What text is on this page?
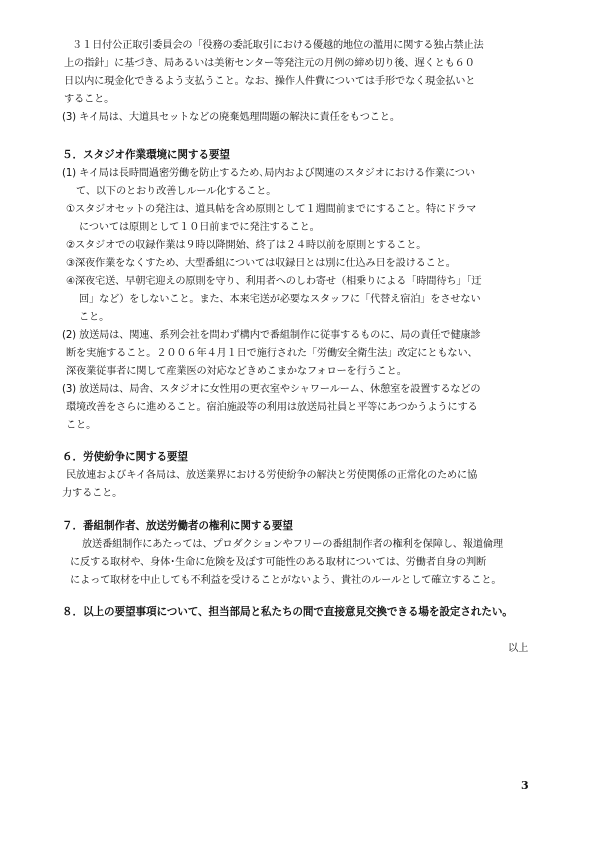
３１日付公正取引委員会の「役務の委託取引における優越的地位の濫用に関する独占禁止法
上の指針」に基づき、局あるいは美術センター等発注元の月例の締め切り後、遅くとも６０
日以内に現金化できるよう支払うこと。なお、操作人件費については手形でなく現金払いと
すること。
(3) キイ局は、大道具セットなどの廃棄処理問題の解決に責任をもつこと。
５．スタジオ作業環境に関する要望
(1) キイ局は長時間過密労働を防止するため､局内および関連のスタジオにおける作業につい
て、以下のとおり改善しルール化すること。
①スタジオセットの発注は、道具帖を含め原則として１週間前までにすること。特にドラマ
については原則として１０日前までに発注すること。
②スタジオでの収録作業は９時以降開始、終了は２４時以前を原則とすること。
③深夜作業をなくすため、大型番組については収録日とは別に仕込み日を設けること。
④深夜宅送、早朝宅迎えの原則を守り、利用者へのしわ寄せ（相乗りによる「時間待ち」「迂
回」など）をしないこと。また、本来宅送が必要なスタッフに「代替え宿泊」をさせない
こと。
(2) 放送局は、関連、系列会社を問わず構内で番組制作に従事するものに、局の責任で健康診
断を実施すること。２００６年４月１日で施行された「労働安全衛生法」改定にともない、
深夜業従事者に関して産業医の対応などきめこまかなフォローを行うこと。
(3) 放送局は、局舎、スタジオに女性用の更衣室やシャワールーム、休憩室を設置するなどの
環境改善をさらに進めること。宿泊施設等の利用は放送局社員と平等にあつかうようにする
こと。
６．労使紛争に関する要望
民放連およびキイ各局は、放送業界における労使紛争の解決と労使関係の正常化のために協
力すること。
７．番組制作者、放送労働者の権利に関する要望
放送番組制作にあたっては、プロダクションやフリーの番組制作者の権利を保障し、報道倫理
に反する取材や、身体･生命に危険を及ぼす可能性のある取材については、労働者自身の判断
によって取材を中止しても不利益を受けることがないよう、貴社のルールとして確立すること。
８．以上の要望事項について、担当部局と私たちの間で直接意見交換できる場を設定されたい。
以上
3
